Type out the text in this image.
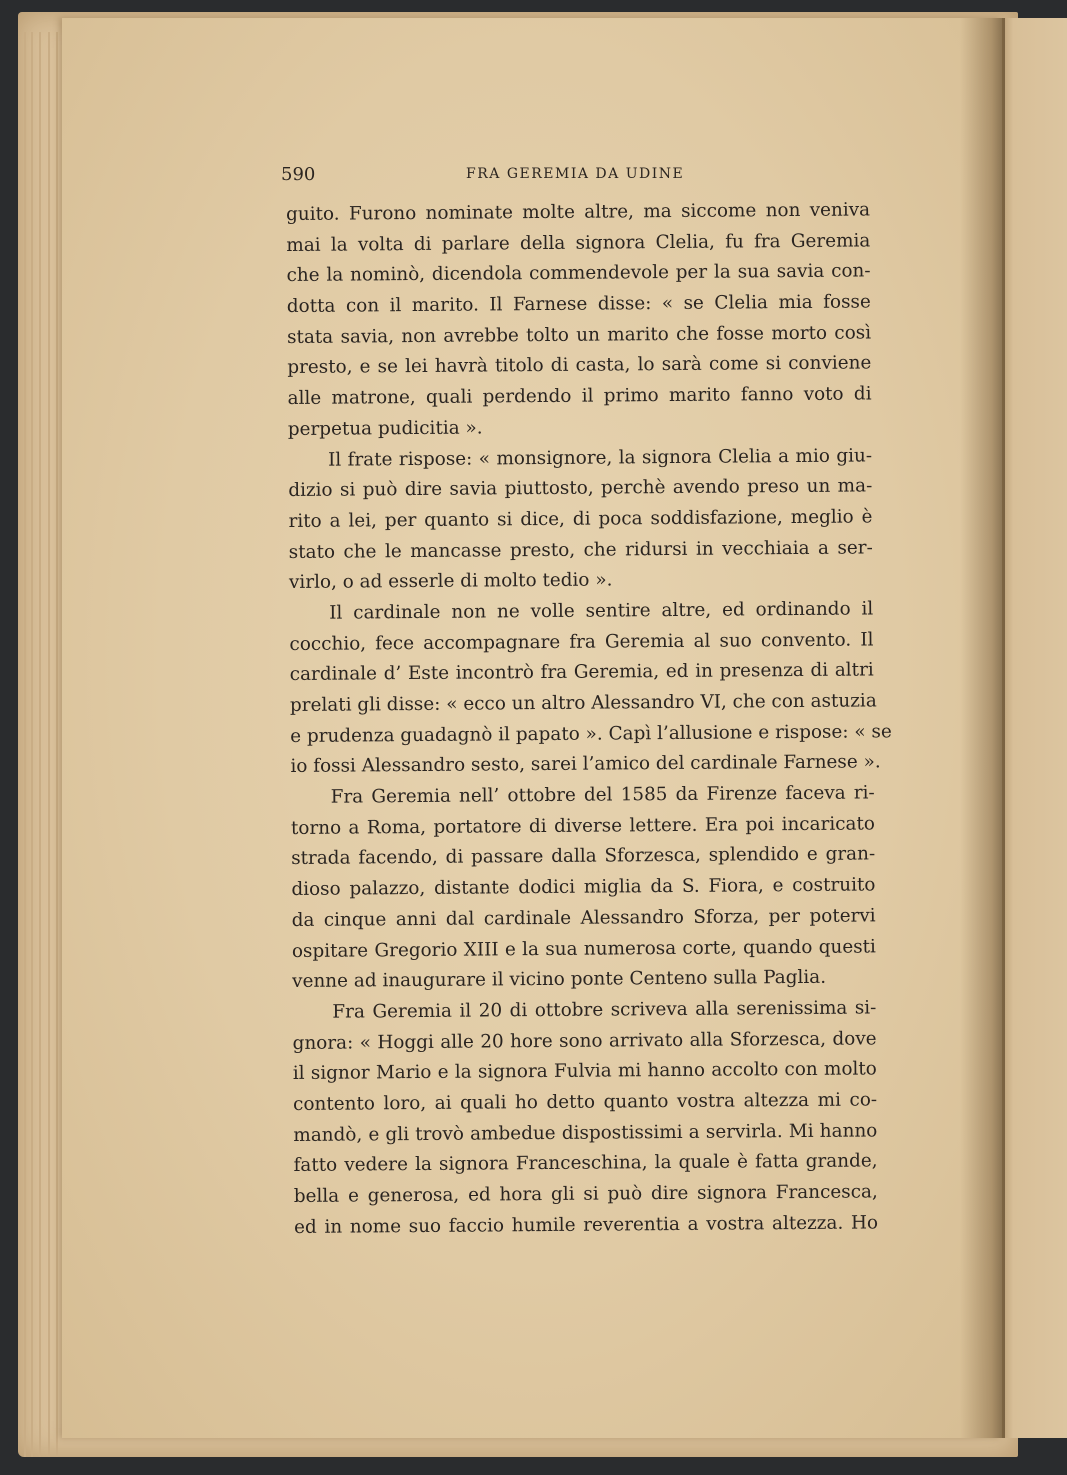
590	FRA GEREMIA DA UDINE
guito. Furono nominate molte altre, ma siccome non veniva
mai la volta di parlare della signora Clelia, fu fra Geremia
che la nominò, dicendola commendevole per la sua savia con-
dotta con il marito. Il Farnese disse: « se Clelia mia fosse
stata savia, non avrebbe tolto un marito che fosse morto così
presto, e se lei havrà titolo di casta, lo sarà come si conviene
alle matrone, quali perdendo il primo marito fanno voto di
perpetua pudicitia ».
Il frate rispose: « monsignore, la signora Clelia a mio giu-
dizio si può dire savia piuttosto, perchè avendo preso un ma-
rito a lei, per quanto si dice, di poca soddisfazione, meglio è
stato che le mancasse presto, che ridursi in vecchiaia a ser-
virlo, o ad esserle di molto tedio ».
Il cardinale non ne volle sentire altre, ed ordinando il
cocchio, fece accompagnare fra Geremia al suo convento. Il
cardinale d’ Este incontrò fra Geremia, ed in presenza di altri
prelati gli disse: « ecco un altro Alessandro VI, che con astuzia
e prudenza guadagnò il papato ». Capì l’allusione e rispose: « se
io fossi Alessandro sesto, sarei l’amico del cardinale Farnese ».
Fra Geremia nell’ ottobre del 1585 da Firenze faceva ri-
torno a Roma, portatore di diverse lettere. Era poi incaricato
strada facendo, di passare dalla Sforzesca, splendido e gran-
dioso palazzo, distante dodici miglia da S. Fiora, e costruito
da cinque anni dal cardinale Alessandro Sforza, per potervi
ospitare Gregorio XIII e la sua numerosa corte, quando questi
venne ad inaugurare il vicino ponte Centeno sulla Paglia.
Fra Geremia il 20 di ottobre scriveva alla serenissima si-
gnora: « Hoggi alle 20 hore sono arrivato alla Sforzesca, dove
il signor Mario e la signora Fulvia mi hanno accolto con molto
contento loro, ai quali ho detto quanto vostra altezza mi co-
mandò, e gli trovò ambedue dispostissimi a servirla. Mi hanno
fatto vedere la signora Franceschina, la quale è fatta grande,
bella e generosa, ed hora gli si può dire signora Francesca,
ed in nome suo faccio humile reverentia a vostra altezza. Ho
